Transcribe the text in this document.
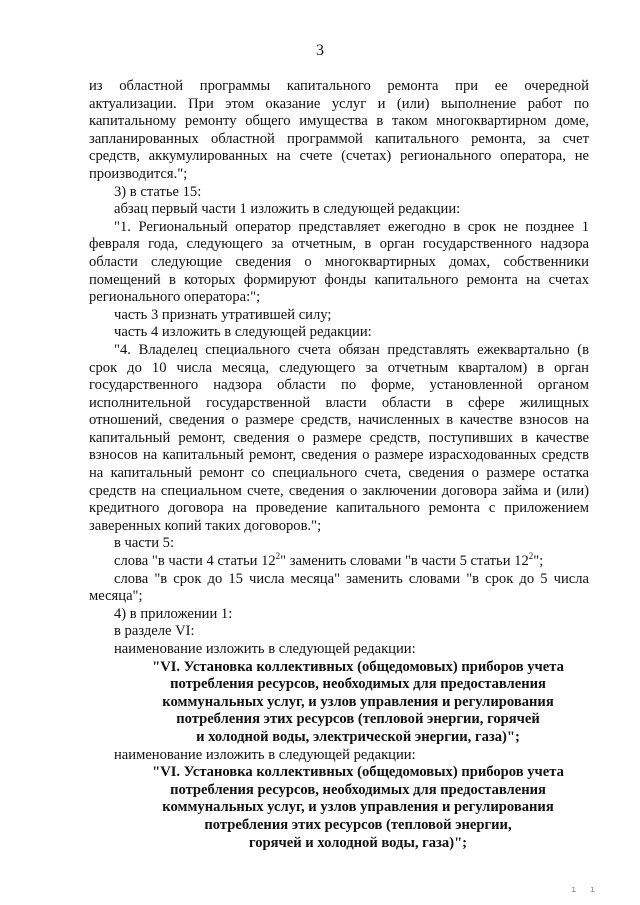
3

из областной программы капитального ремонта при ее очередной актуализации. При этом оказание услуг и (или) выполнение работ по капитальному ремонту общего имущества в таком многоквартирном доме, запланированных областной программой капитального ремонта, за счет средств, аккумулированных на счете (счетах) регионального оператора, не производится.";

3) в статье 15:

абзац первый части 1 изложить в следующей редакции:

"1. Региональный оператор представляет ежегодно в срок не позднее 1 февраля года, следующего за отчетным, в орган государственного надзора области следующие сведения о многоквартирных домах, собственники помещений в которых формируют фонды капитального ремонта на счетах регионального оператора:";

часть 3 признать утратившей силу;

часть 4 изложить в следующей редакции:

"4. Владелец специального счета обязан представлять ежеквартально (в срок до 10 числа месяца, следующего за отчетным кварталом) в орган государственного надзора области по форме, установленной органом исполнительной государственной власти области в сфере жилищных отношений, сведения о размере средств, начисленных в качестве взносов на капитальный ремонт, сведения о размере средств, поступивших в качестве взносов на капитальный ремонт, сведения о размере израсходованных средств на капитальный ремонт со специального счета, сведения о размере остатка средств на специальном счете, сведения о заключении договора займа и (или) кредитного договора на проведение капитального ремонта с приложением заверенных копий таких договоров.";

в части 5:

слова "в части 4 статьи $12^2$" заменить словами "в части 5 статьи $12^2$";

слова "в срок до 15 числа месяца" заменить словами "в срок до 5 числа месяца";

4) в приложении 1:

в разделе VI:

наименование изложить в следующей редакции:

"VI. Установка коллективных (общедомовых) приборов учета
потребления ресурсов, необходимых для предоставления
коммунальных услуг, и узлов управления и регулирования
потребления этих ресурсов (тепловой энергии, горячей
и холодной воды, электрической энергии, газа)";

наименование изложить в следующей редакции:

"VI. Установка коллективных (общедомовых) приборов учета
потребления ресурсов, необходимых для предоставления
коммунальных услуг, и узлов управления и регулирования
потребления этих ресурсов (тепловой энергии,
горячей и холодной воды, газа)";
ı ı
